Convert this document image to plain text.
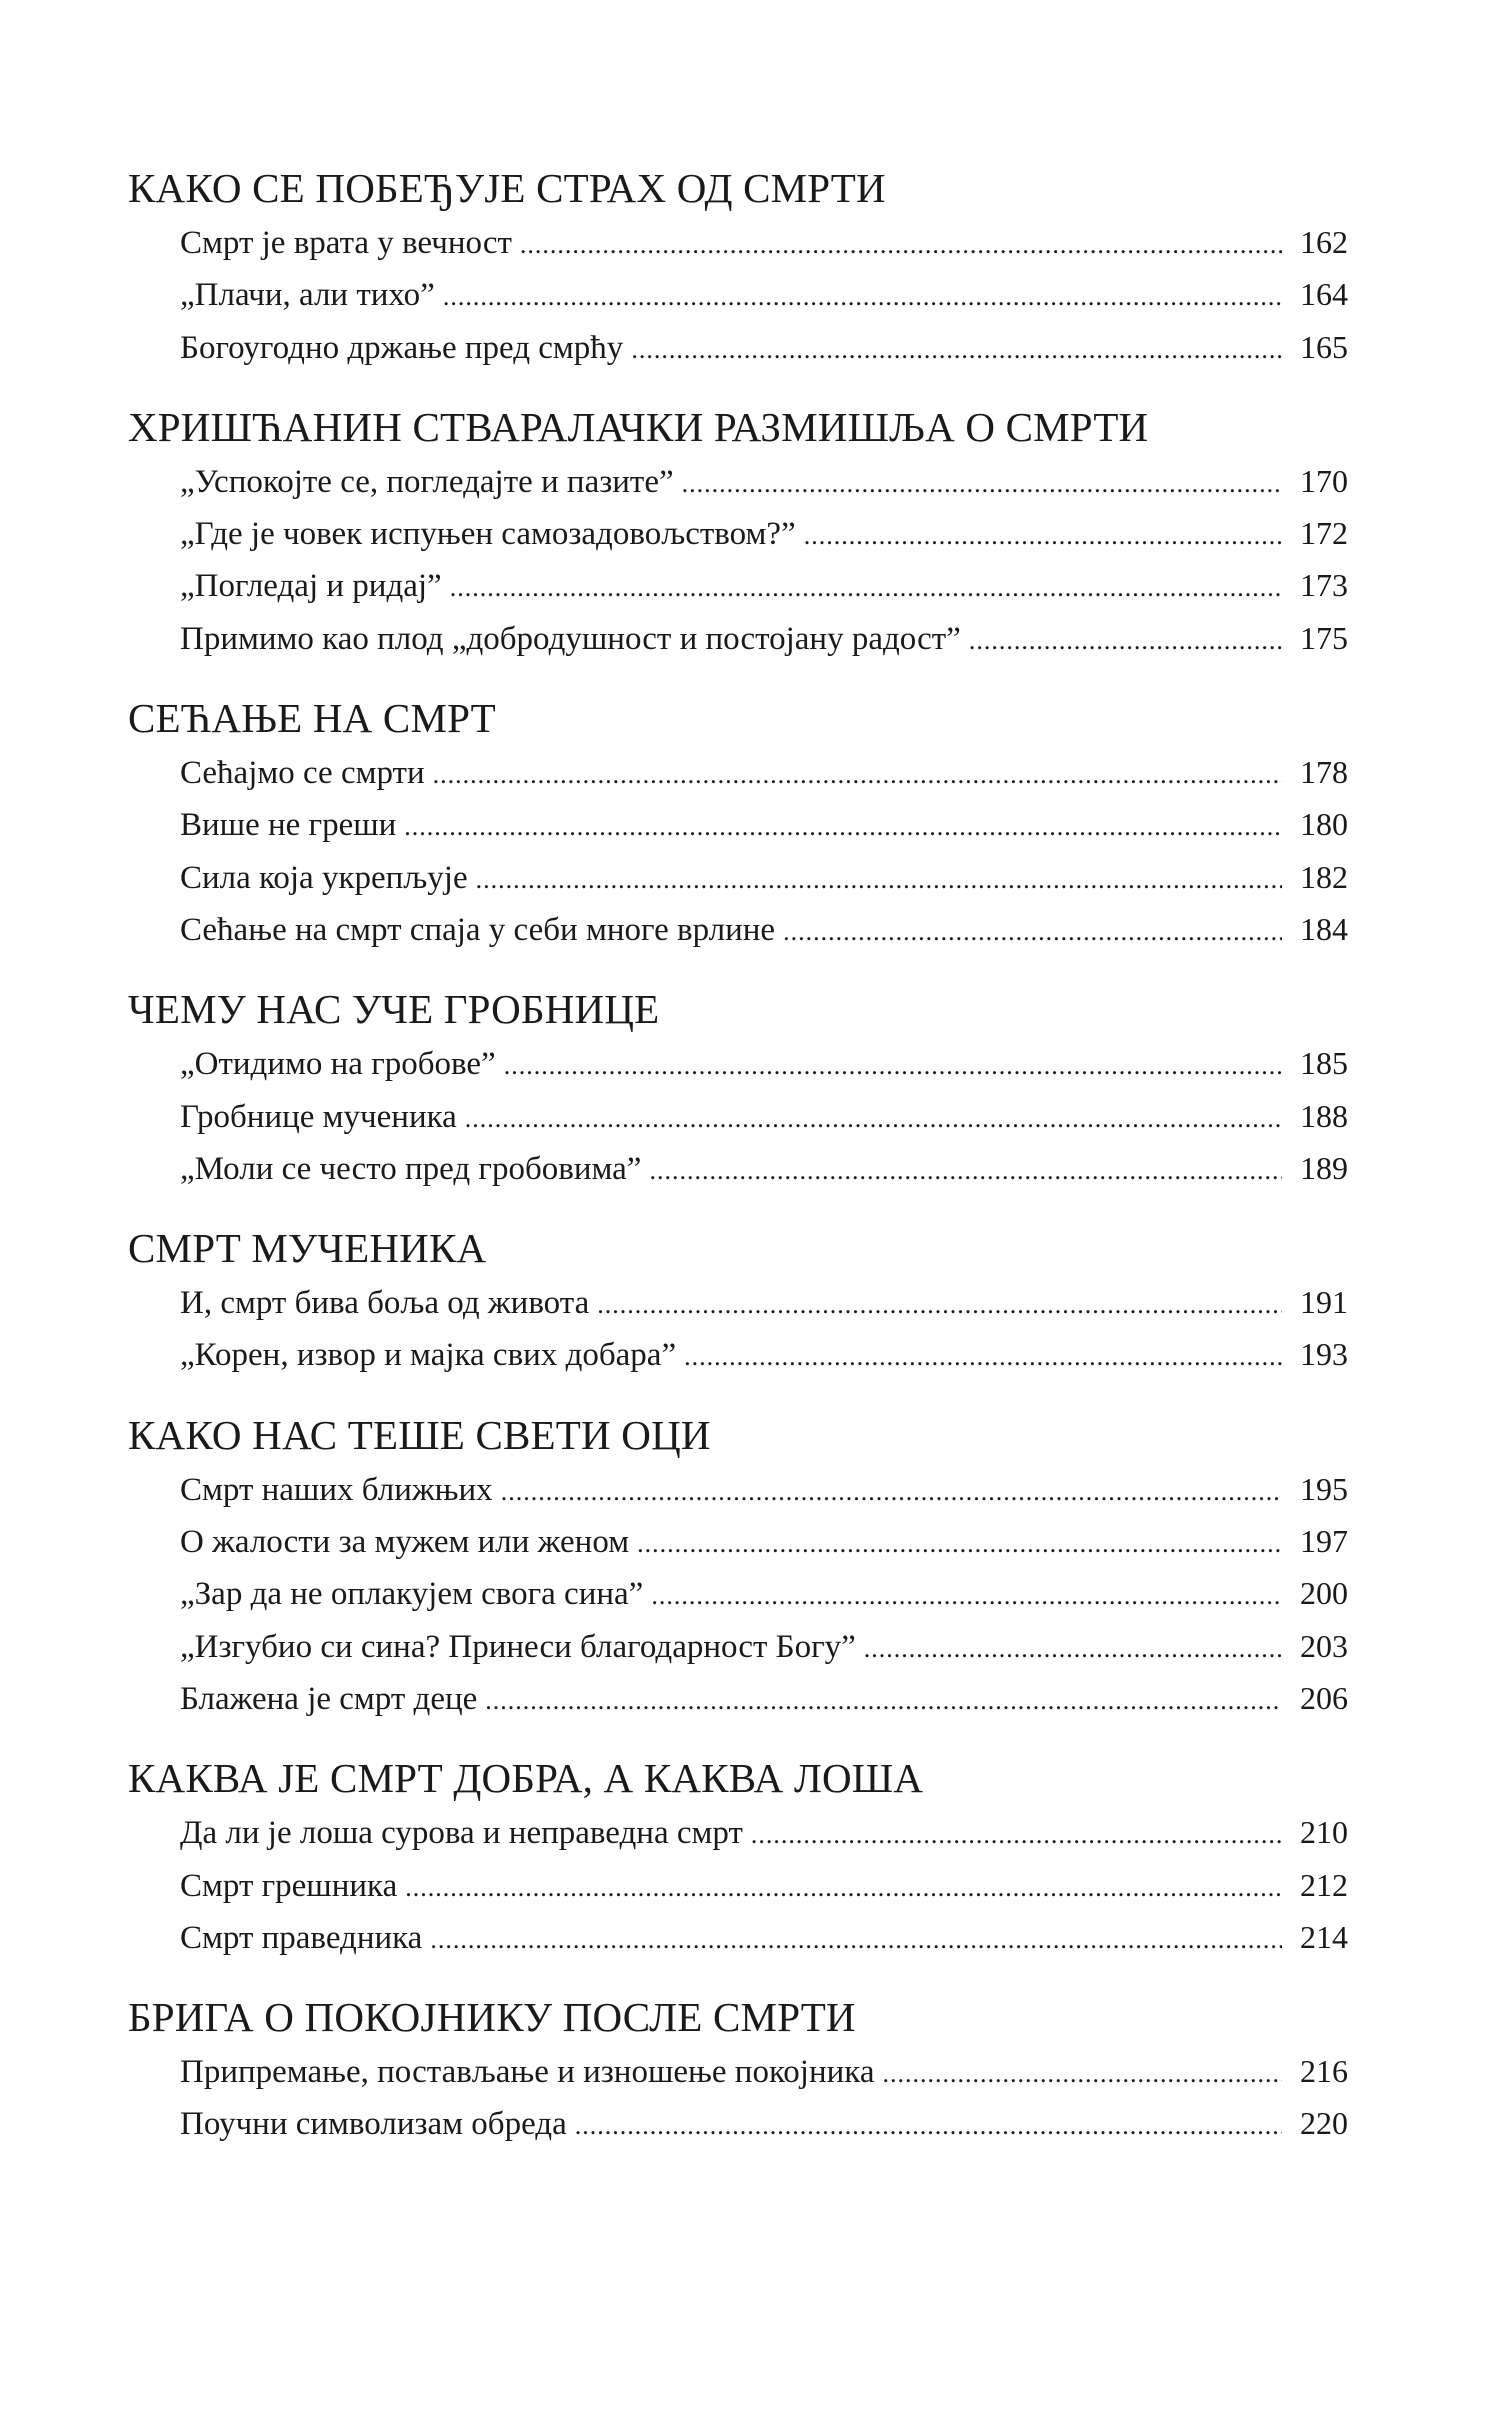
КАКО СЕ ПОБЕЂУЈЕ СТРАХ ОД СМРТИ
Смрт је врата у вечност .....	162
„Плачи, али тихо” .....	164
Богоугодно држање пред смрћу .....	165
ХРИШЋАНИН СТВАРАЛАЧКИ РАЗМИШЉА О СМРТИ
„Успокојте се, погледајте и пазите” .....	170
„Где је човек испуњен самозадовољством?” .....	172
„Погледај и ридај” .....	173
Примимо као плод „добродушност и постојану радост” .....	175
СЕЋАЊЕ НА СМРТ
Сећајмо се смрти .....	178
Више не греши .....	180
Сила која укрепљује .....	182
Сећање на смрт спаја у себи многе врлине .....	184
ЧЕМУ НАС УЧЕ ГРОБНИЦЕ
„Отидимо на гробове” .....	185
Гробнице мученика .....	188
„Моли се често пред гробовима” .....	189
СМРТ МУЧЕНИКА
И, смрт бива боља од живота .....	191
„Корен, извор и мајка свих добара” .....	193
КАКО НАС ТЕШЕ СВЕТИ ОЦИ
Смрт наших ближњих .....	195
О жалости за мужем или женом .....	197
„Зар да не оплакујем свога сина” .....	200
„Изгубио си сина? Принеси благодарност Богу” .....	203
Блажена је смрт деце .....	206
КАКВА ЈЕ СМРТ ДОБРА, А КАКВА ЛОША
Да ли је лоша сурова и неправедна смрт .....	210
Смрт грешника .....	212
Смрт праведника .....	214
БРИГА О ПОКОЈНИКУ ПОСЛЕ СМРТИ
Припремање, постављање и изношење покојника .....	216
Поучни символизам обреда .....	220
